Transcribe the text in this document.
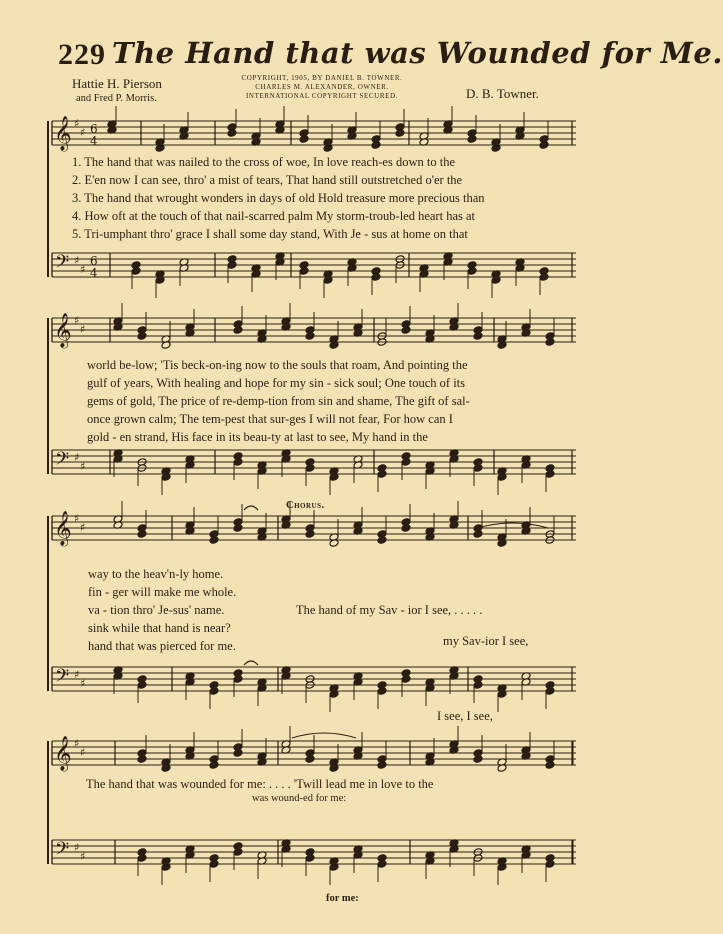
229 The Hand that was Wounded for Me.
Hattie H. Pierson
and Fred P. Morris.	D. B. Towner.
COPYRIGHT, 1905, BY DANIEL B. TOWNER.
CHARLES M. ALEXANDER, OWNER.
INTERNATIONAL COPYRIGHT SECURED.
𝄞 ♯
♯ 6
4
𝄢 ♯
♯
6
4
𝄞 ♯
♯
𝄢 ♯
♯
𝄞 ♯
♯
𝄢 ♯
♯
𝄞 ♯
♯
𝄢 ♯
♯
1. The hand that was nailed to the cross of woe, In love reach-es down to the
2. E'en now I can see, thro' a mist of tears, That hand still outstretched o'er the
3. The hand that wrought wonders in days of old Hold treasure more precious than
4. How oft at the touch of that nail-scarred palm My storm-troub-led heart has at
5. Tri-umphant thro' grace I shall some day stand, With Je - sus at home on that
world be-low; 'Tis beck-on-ing now to the souls that roam, And pointing the
gulf of years, With healing and hope for my sin - sick soul; One touch of its
gems of gold, The price of re-demp-tion from sin and shame, The gift of sal-
once grown calm; The tem-pest that sur-ges I will not fear, For how can I
gold - en strand, His face in its beau-ty at last to see, My hand in the
Chorus.
way to the heav'n-ly home.
fin - ger will make me whole.
va - tion thro' Je-sus' name.
sink while that hand is near?
hand that was pierced for me.
The hand of my Sav - ior I see, . . . . .
my Sav-ior I see,
I see, I see,
The hand that was wounded for me: . . . . 'Twill lead me in love to the
was wound-ed for me:
for me:
